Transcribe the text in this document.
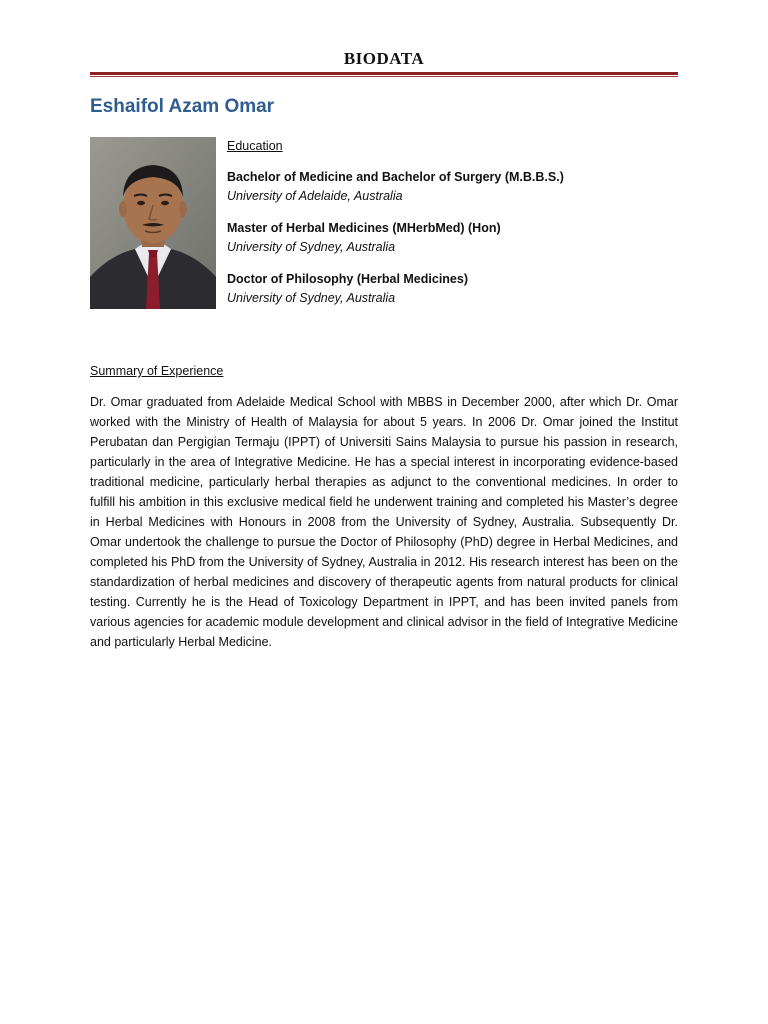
BIODATA
Eshaifol Azam Omar
Education
Bachelor of Medicine and Bachelor of Surgery (M.B.B.S.)
University of Adelaide, Australia
Master of Herbal Medicines (MHerbMed) (Hon)
University of Sydney, Australia
Doctor of Philosophy (Herbal Medicines)
University of Sydney, Australia
Summary of Experience

Dr. Omar graduated from Adelaide Medical School with MBBS in December 2000, after which Dr. Omar worked with the Ministry of Health of Malaysia for about 5 years. In 2006 Dr. Omar joined the Institut Perubatan dan Pergigian Termaju (IPPT) of Universiti Sains Malaysia to pursue his passion in research, particularly in the area of Integrative Medicine. He has a special interest in incorporating evidence-based traditional medicine, particularly herbal therapies as adjunct to the conventional medicines. In order to fulfill his ambition in this exclusive medical field he underwent training and completed his Master’s degree in Herbal Medicines with Honours in 2008 from the University of Sydney, Australia. Subsequently Dr. Omar undertook the challenge to pursue the Doctor of Philosophy (PhD) degree in Herbal Medicines, and completed his PhD from the University of Sydney, Australia in 2012. His research interest has been on the standardization of herbal medicines and discovery of therapeutic agents from natural products for clinical testing. Currently he is the Head of Toxicology Department in IPPT, and has been invited panels from various agencies for academic module development and clinical advisor in the field of Integrative Medicine and particularly Herbal Medicine.
